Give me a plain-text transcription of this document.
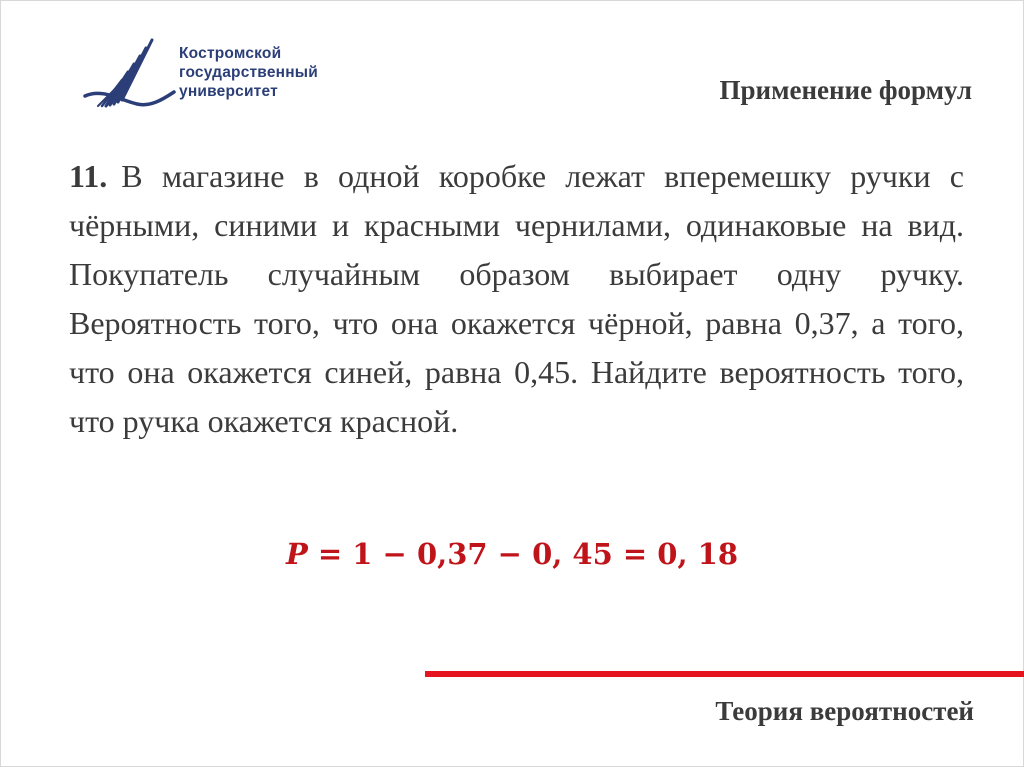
Костромской
государственный
университет	Применение формул
11. В магазине в одной коробке лежат вперемешку ручки с чёрными, синими и красными чернилами, одинаковые на вид. Покупатель случайным образом выбирает одну ручку. Вероятность того, что она окажется чёрной, равна 0,37, а того, что она окажется синей, равна 0,45. Найдите вероятность того, что ручка окажется красной.
P = 1 − 0,37 − 0, 45 = 0, 18
Теория вероятностей
